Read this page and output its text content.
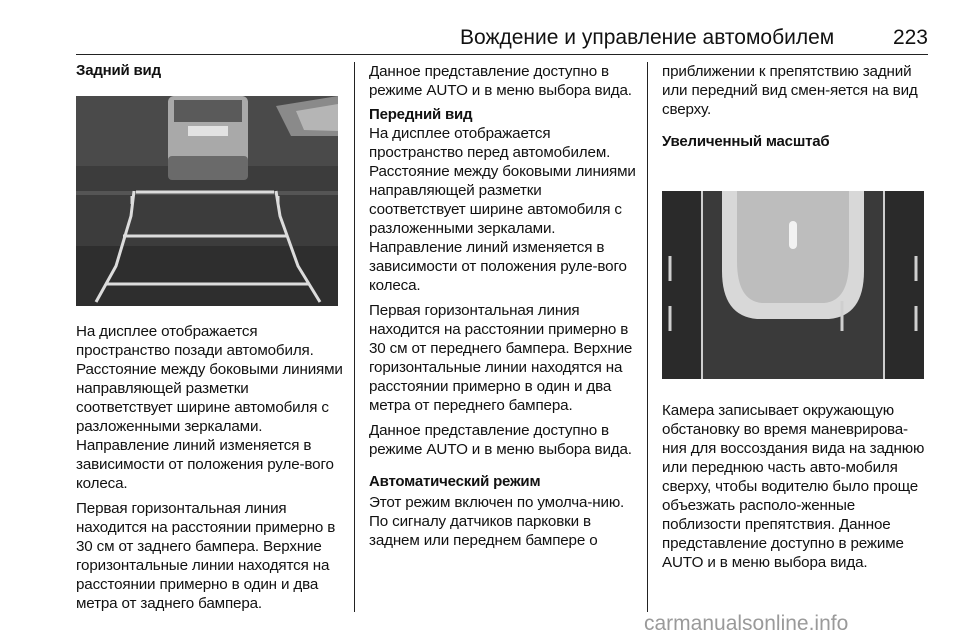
Вождение и управление автомобилем	223
Задний вид

На дисплее отображается пространство позади автомобиля. Расстояние между боковыми линиями направляющей разметки соответствует ширине автомобиля с разложенными зеркалами. Направление линий изменяется в зависимости от положения руле-вого колеса.

Первая горизонтальная линия находится на расстоянии примерно в 30 см от заднего бампера. Верхние горизонтальные линии находятся на расстоянии примерно в один и два метра от заднего бампера.

Данное представление доступно в режиме AUTO и в меню выбора вида.

Передний вид

На дисплее отображается пространство перед автомобилем. Расстояние между боковыми линиями направляющей разметки соответствует ширине автомобиля с разложенными зеркалами. Направление линий изменяется в зависимости от положения руле-вого колеса.

Первая горизонтальная линия находится на расстоянии примерно в 30 см от переднего бампера. Верхние горизонтальные линии находятся на расстоянии примерно в один и два метра от переднего бампера.

Данное представление доступно в режиме AUTO и в меню выбора вида.

Автоматический режим

Этот режим включен по умолча-нию. По сигналу датчиков парковки в заднем или переднем бампере о

приближении к препятствию задний или передний вид смен-яется на вид сверху.

Увеличенный масштаб

Камера записывает окружающую обстановку во время маневрирова-ния для воссоздания вида на заднюю или переднюю часть авто-мобиля сверху, чтобы водителю было проще объезжать располо-женные поблизости препятствия. Данное представление доступно в режиме AUTO и в меню выбора вида.

carmanualsonline.info
